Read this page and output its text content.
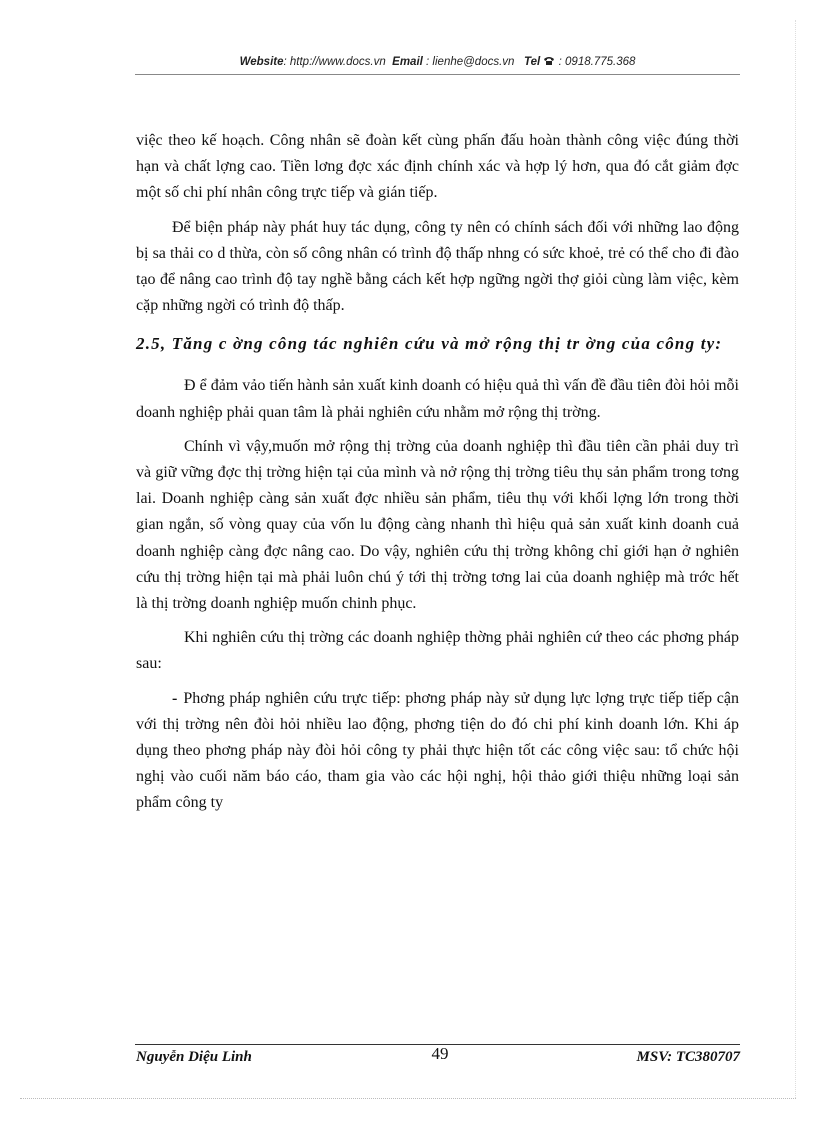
Website: http://www.docs.vn Email : lienhe@docs.vn Tel : 0918.775.368

việc theo kế hoạch. Công nhân sẽ đoàn kết cùng phấn đấu hoàn thành công việc đúng thời hạn và chất lợng cao. Tiền lơng đợc xác định chính xác và hợp lý hơn, qua đó cắt giảm đợc một số chi phí nhân công trực tiếp và gián tiếp.

Để biện pháp này phát huy tác dụng, công ty nên có chính sách đối với những lao động bị sa thải co d thừa, còn số công nhân có trình độ thấp nhng có sức khoẻ, trẻ có thể cho đi đào tạo để nâng cao trình độ tay nghề bằng cách kết hợp ngững ngời thợ giỏi cùng làm việc, kèm cặp những ngời có trình độ thấp.

2.5, Tăng c ờng công tác nghiên cứu và mở rộng thị tr ờng của công ty:

Đ ể đảm vảo tiến hành sản xuất kinh doanh có hiệu quả thì vấn đề đầu tiên đòi hỏi mỗi doanh nghiệp phải quan tâm là phải nghiên cứu nhằm mở rộng thị trờng.

Chính vì vậy,muốn mở rộng thị trờng của doanh nghiệp thì đầu tiên cần phải duy trì và giữ vững đợc thị trờng hiện tại của mình và nở rộng thị trờng tiêu thụ sản phẩm trong tơng lai. Doanh nghiệp càng sản xuất đợc nhiều sản phẩm, tiêu thụ với khối lợng lớn trong thời gian ngắn, số vòng quay của vốn lu động càng nhanh thì hiệu quả sản xuất kinh doanh cuả doanh nghiệp càng đợc nâng cao. Do vậy, nghiên cứu thị trờng không chỉ giới hạn ở nghiên cứu thị trờng hiện tại mà phải luôn chú ý tới thị trờng tơng lai của doanh nghiệp mà trớc hết là thị trờng doanh nghiệp muốn chinh phục.

Khi nghiên cứu thị trờng các doanh nghiệp thờng phải nghiên cứ theo các phơng pháp sau:

- Phơng pháp nghiên cứu trực tiếp: phơng pháp này sử dụng lực lợng trực tiếp tiếp cận với thị trờng nên đòi hỏi nhiều lao động, phơng tiện do đó chi phí kinh doanh lớn. Khi áp dụng theo phơng pháp này đòi hỏi công ty phải thực hiện tốt các công việc sau: tổ chức hội nghị vào cuối năm báo cáo, tham gia vào các hội nghị, hội thảo giới thiệu những loại sản phẩm công ty

Nguyễn Diệu Linh	49	MSV: TC380707
